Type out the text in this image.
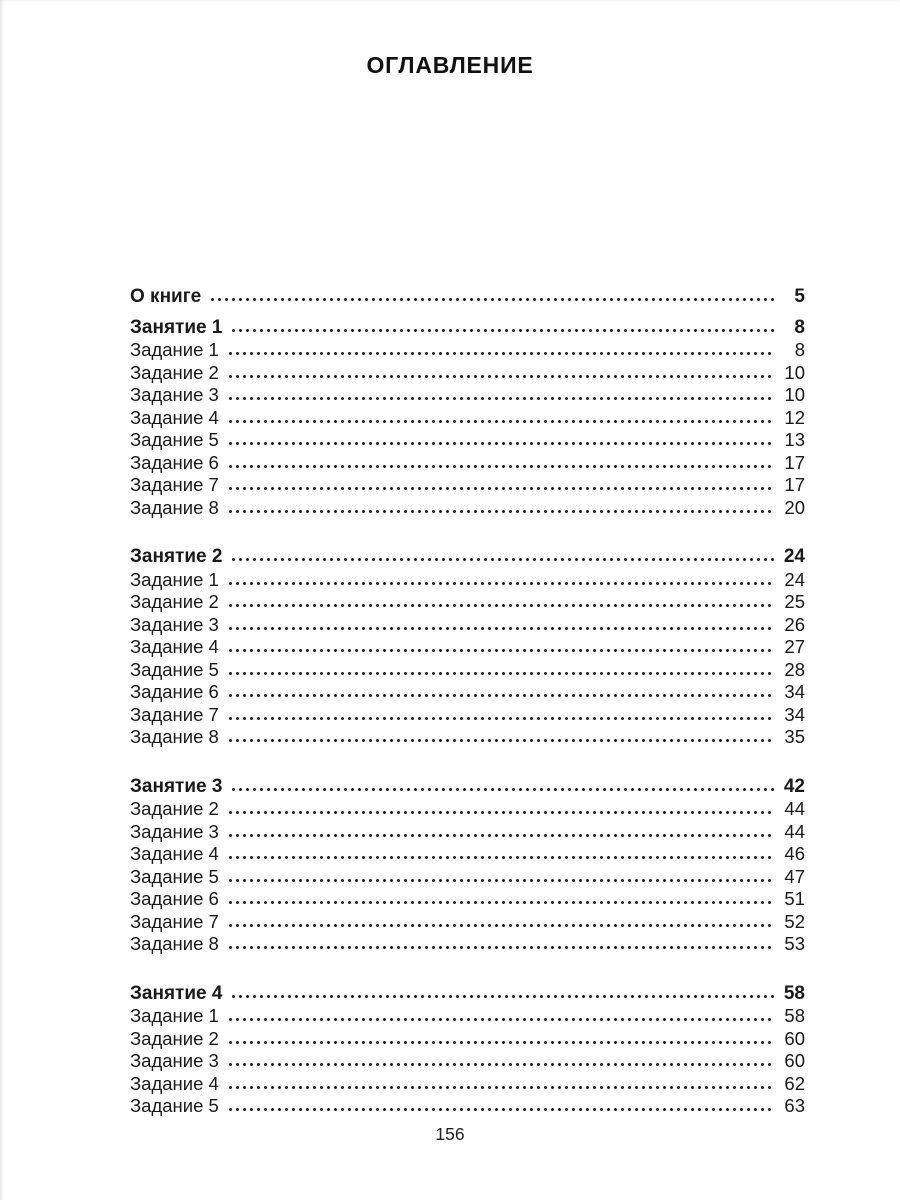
ОГЛАВЛЕНИЕ
О книге	5
Занятие 1	8
Задание 1	8
Задание 2	10
Задание 3	10
Задание 4	12
Задание 5	13
Задание 6	17
Задание 7	17
Задание 8	20
Занятие 2	24
Задание 1	24
Задание 2	25
Задание 3	26
Задание 4	27
Задание 5	28
Задание 6	34
Задание 7	34
Задание 8	35
Занятие 3	42
Задание 2	44
Задание 3	44
Задание 4	46
Задание 5	47
Задание 6	51
Задание 7	52
Задание 8	53
Занятие 4	58
Задание 1	58
Задание 2	60
Задание 3	60
Задание 4	62
Задание 5	63
156
